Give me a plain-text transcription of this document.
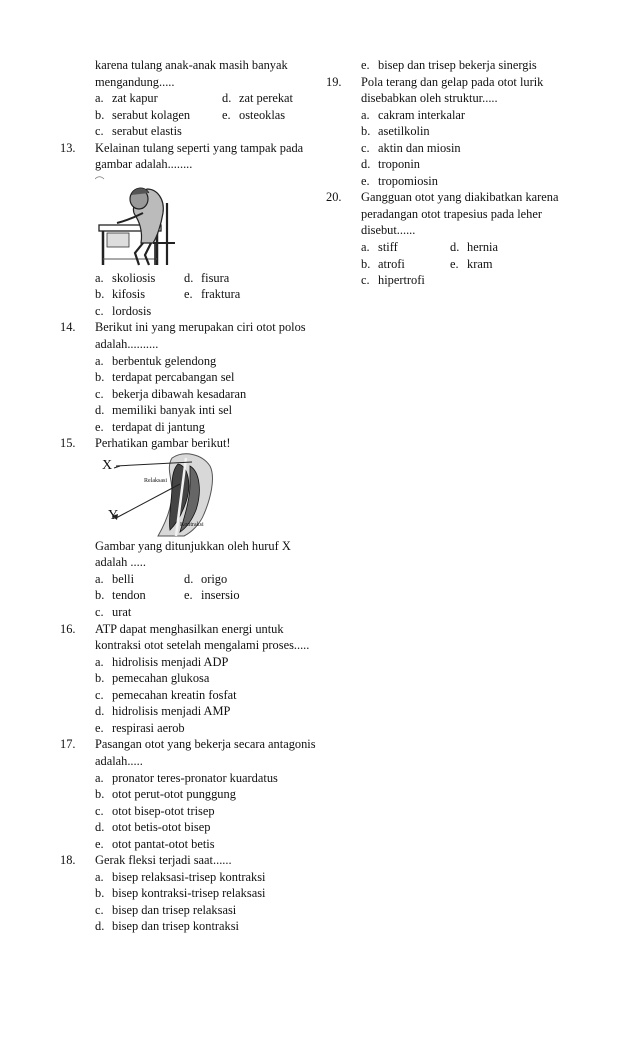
karena tulang anak-anak masih banyak
mengandung.....
a. zat kapur	d. zat perekat
b. serabut kolagen	e. osteoklas
c. serabut elastis
13. Kelainan tulang seperti yang tampak pada
gambar adalah........
a. skoliosis d. fisura
b. kifosis	e. fraktura
c. lordosis
14. Berikut ini yang merupakan ciri otot polos
adalah..........
a. berbentuk gelendong
b. terdapat percabangan sel
c. bekerja dibawah kesadaran
d. memiliki banyak inti sel
e. terdapat di jantung
15. Perhatikan gambar berikut!
X
Y
Relaksasi
Kontraksi
Gambar yang ditunjukkan oleh huruf X
adalah .....
a. belli	d. origo
b. tendon	e. insersio
c. urat
16. ATP dapat menghasilkan energi untuk
kontraksi otot setelah mengalami proses.....
a. hidrolisis menjadi ADP
b. pemecahan glukosa
c. pemecahan kreatin fosfat
d. hidrolisis menjadi AMP
e. respirasi aerob
17. Pasangan otot yang bekerja secara antagonis
adalah.....
a. pronator teres-pronator kuardatus
b. otot perut-otot punggung
c. otot bisep-otot trisep
d. otot betis-otot bisep
e. otot pantat-otot betis
18. Gerak fleksi terjadi saat......
a. bisep relaksasi-trisep kontraksi
b. bisep kontraksi-trisep relaksasi
c. bisep dan trisep relaksasi
d. bisep dan trisep kontraksi
e. bisep dan trisep bekerja sinergis
19. Pola terang dan gelap pada otot lurik
disebabkan oleh struktur.....
a. cakram interkalar
b. asetilkolin
c. aktin dan miosin
d. troponin
e. tropomiosin
20. Gangguan otot yang diakibatkan karena
peradangan otot trapesius pada leher
disebut......
a. stiff	d. hernia
b. atrofi	e. kram
c. hipertrofi
